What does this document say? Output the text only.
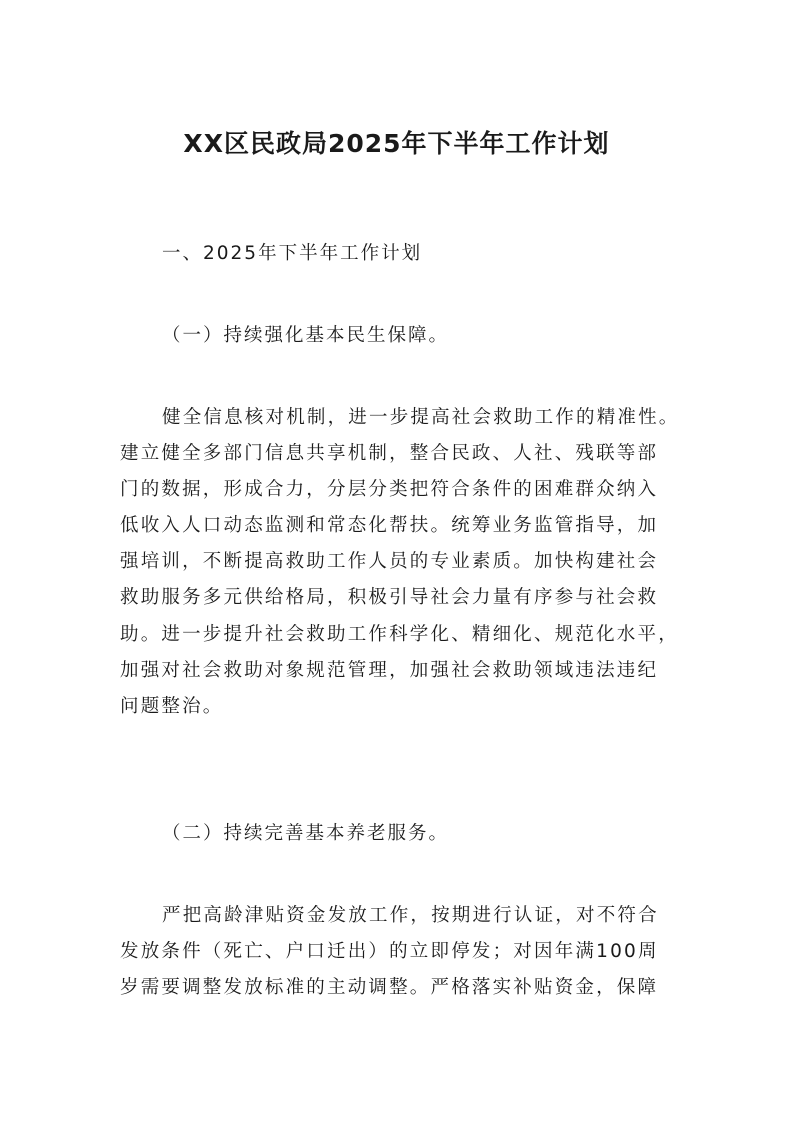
XX区民政局2025年下半年工作计划

一、2025年下半年工作计划

（一）持续强化基本民生保障。

健全信息核对机制，进一步提高社会救助工作的精准性。
建立健全多部门信息共享机制，整合民政、人社、残联等部
门的数据，形成合力，分层分类把符合条件的困难群众纳入
低收入人口动态监测和常态化帮扶。统筹业务监管指导，加
强培训，不断提高救助工作人员的专业素质。加快构建社会
救助服务多元供给格局，积极引导社会力量有序参与社会救
助。进一步提升社会救助工作科学化、精细化、规范化水平，
加强对社会救助对象规范管理，加强社会救助领域违法违纪
问题整治。

（二）持续完善基本养老服务。

严把高龄津贴资金发放工作，按期进行认证，对不符合
发放条件（死亡、户口迁出）的立即停发；对因年满100周
岁需要调整发放标准的主动调整。严格落实补贴资金，保障
